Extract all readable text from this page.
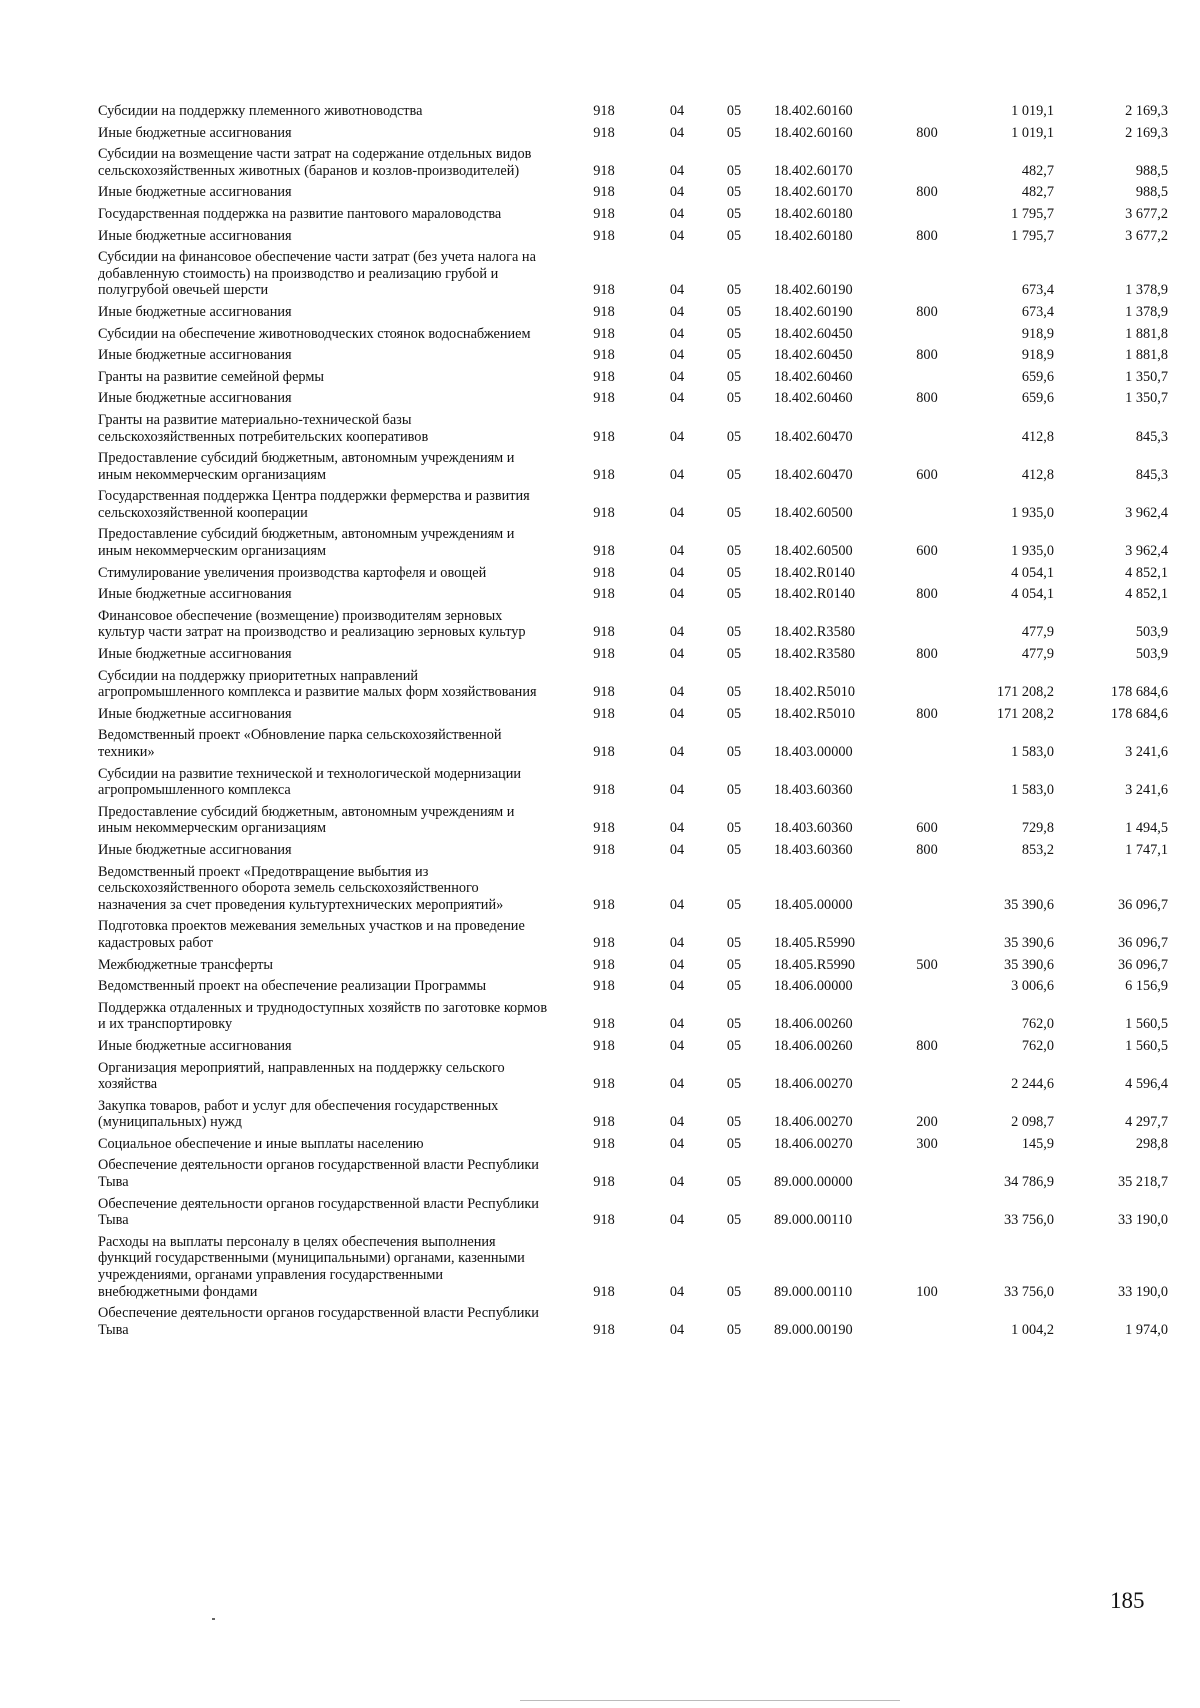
Субсидии на поддержку племенного животноводства	918	04	05	18.402.60160		1 019,1	2 169,3
Иные бюджетные ассигнования	918	04	05	18.402.60160	800	1 019,1	2 169,3
Субсидии на возмещение части затрат на содержание отдельных видов сельскохозяйственных животных (баранов и козлов-производителей)	918	04	05	18.402.60170		482,7	988,5
Иные бюджетные ассигнования	918	04	05	18.402.60170	800	482,7	988,5
Государственная поддержка на развитие пантового мараловодства	918	04	05	18.402.60180		1 795,7	3 677,2
Иные бюджетные ассигнования	918	04	05	18.402.60180	800	1 795,7	3 677,2
Субсидии на финансовое обеспечение части затрат (без учета налога на добавленную стоимость) на производство и реализацию грубой и полугрубой овечьей шерсти	918	04	05	18.402.60190		673,4	1 378,9
Иные бюджетные ассигнования	918	04	05	18.402.60190	800	673,4	1 378,9
Субсидии на обеспечение животноводческих стоянок водоснабжением	918	04	05	18.402.60450		918,9	1 881,8
Иные бюджетные ассигнования	918	04	05	18.402.60450	800	918,9	1 881,8
Гранты на развитие семейной фермы	918	04	05	18.402.60460		659,6	1 350,7
Иные бюджетные ассигнования	918	04	05	18.402.60460	800	659,6	1 350,7
Гранты на развитие материально-технической базы сельскохозяйственных потребительских кооперативов	918	04	05	18.402.60470		412,8	845,3
Предоставление субсидий бюджетным, автономным учреждениям и иным некоммерческим организациям	918	04	05	18.402.60470	600	412,8	845,3
Государственная поддержка Центра поддержки фермерства и развития сельскохозяйственной кооперации	918	04	05	18.402.60500		1 935,0	3 962,4
Предоставление субсидий бюджетным, автономным учреждениям и иным некоммерческим организациям	918	04	05	18.402.60500	600	1 935,0	3 962,4
Стимулирование увеличения производства картофеля и овощей	918	04	05	18.402.R0140		4 054,1	4 852,1
Иные бюджетные ассигнования	918	04	05	18.402.R0140	800	4 054,1	4 852,1
Финансовое обеспечение (возмещение) производителям зерновых культур части затрат на производство и реализацию зерновых культур	918	04	05	18.402.R3580		477,9	503,9
Иные бюджетные ассигнования	918	04	05	18.402.R3580	800	477,9	503,9
Субсидии на поддержку приоритетных направлений агропромышленного комплекса и развитие малых форм хозяйствования	918	04	05	18.402.R5010		171 208,2	178 684,6
Иные бюджетные ассигнования	918	04	05	18.402.R5010	800	171 208,2	178 684,6
Ведомственный проект «Обновление парка сельскохозяйственной техники»	918	04	05	18.403.00000		1 583,0	3 241,6
Субсидии на развитие технической и технологической модернизации агропромышленного комплекса	918	04	05	18.403.60360		1 583,0	3 241,6
Предоставление субсидий бюджетным, автономным учреждениям и иным некоммерческим организациям	918	04	05	18.403.60360	600	729,8	1 494,5
Иные бюджетные ассигнования	918	04	05	18.403.60360	800	853,2	1 747,1
Ведомственный проект «Предотвращение выбытия из сельскохозяйственного оборота земель сельскохозяйственного назначения за счет проведения культуртехнических мероприятий»	918	04	05	18.405.00000		35 390,6	36 096,7
Подготовка проектов межевания земельных участков и на проведение кадастровых работ	918	04	05	18.405.R5990		35 390,6	36 096,7
Межбюджетные трансферты	918	04	05	18.405.R5990	500	35 390,6	36 096,7
Ведомственный проект на обеспечение реализации Программы	918	04	05	18.406.00000		3 006,6	6 156,9
Поддержка отдаленных и труднодоступных хозяйств по заготовке кормов и их транспортировку	918	04	05	18.406.00260		762,0	1 560,5
Иные бюджетные ассигнования	918	04	05	18.406.00260	800	762,0	1 560,5
Организация мероприятий, направленных на поддержку сельского хозяйства	918	04	05	18.406.00270		2 244,6	4 596,4
Закупка товаров, работ и услуг для обеспечения государственных (муниципальных) нужд	918	04	05	18.406.00270	200	2 098,7	4 297,7
Социальное обеспечение и иные выплаты населению	918	04	05	18.406.00270	300	145,9	298,8
Обеспечение деятельности органов государственной власти Республики Тыва	918	04	05	89.000.00000		34 786,9	35 218,7
Обеспечение деятельности органов государственной власти Республики Тыва	918	04	05	89.000.00110		33 756,0	33 190,0
Расходы на выплаты персоналу в целях обеспечения выполнения функций государственными (муниципальными) органами, казенными учреждениями, органами управления государственными внебюджетными фондами	918	04	05	89.000.00110	100	33 756,0	33 190,0
Обеспечение деятельности органов государственной власти Республики Тыва	918	04	05	89.000.00190		1 004,2	1 974,0
185
